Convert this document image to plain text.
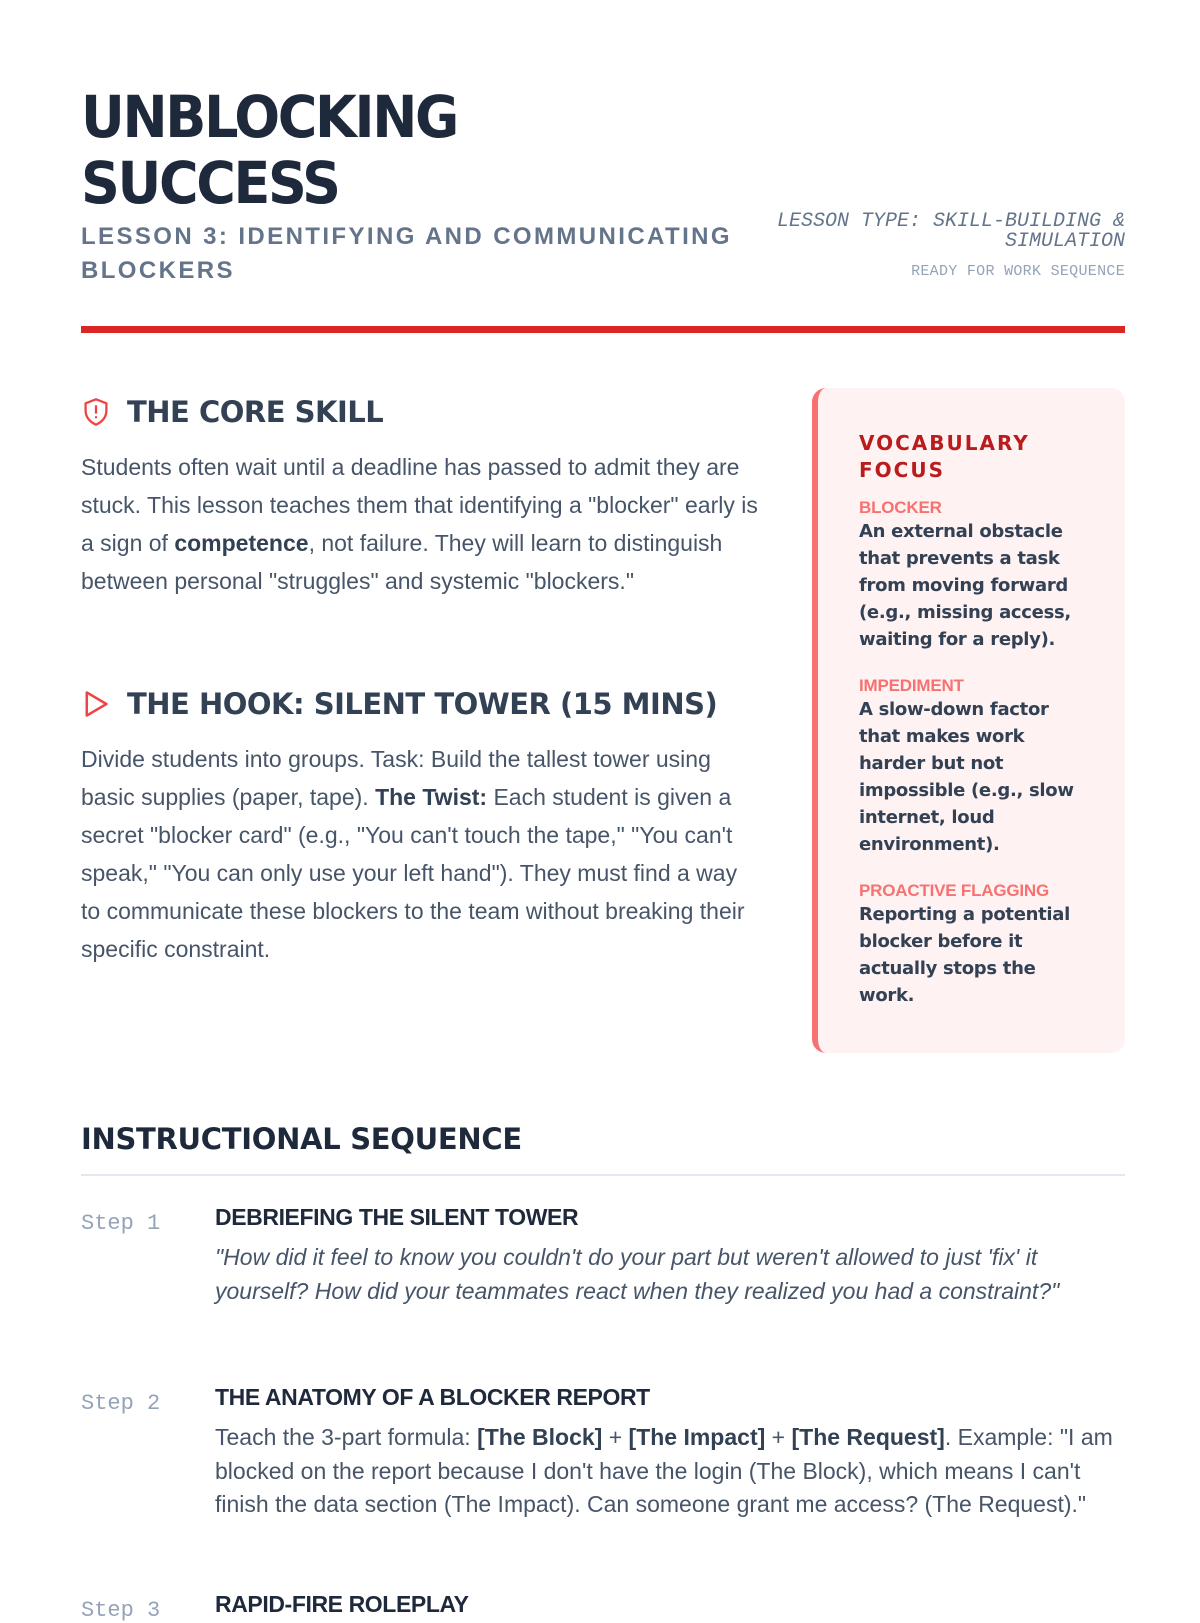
UNBLOCKING
SUCCESS
LESSON 3: IDENTIFYING AND COMMUNICATING BLOCKERS
LESSON TYPE: SKILL-BUILDING & SIMULATION
READY FOR WORK SEQUENCE
THE CORE SKILL

Students often wait until a deadline has passed to admit they are stuck. This lesson teaches them that identifying a "blocker" early is a sign of competence, not failure. They will learn to distinguish between personal "struggles" and systemic "blockers."

THE HOOK: SILENT TOWER (15 MINS)

Divide students into groups. Task: Build the tallest tower using basic supplies (paper, tape). The Twist: Each student is given a secret "blocker card" (e.g., "You can't touch the tape," "You can't speak," "You can only use your left hand"). They must find a way to communicate these blockers to the team without breaking their specific constraint.

VOCABULARY FOCUS
BLOCKER
An external obstacle that prevents a task from moving forward (e.g., missing access, waiting for a reply).
IMPEDIMENT
A slow-down factor that makes work harder but not impossible (e.g., slow internet, loud environment).
PROACTIVE FLAGGING
Reporting a potential blocker before it actually stops the work.
INSTRUCTIONAL SEQUENCE
Step 1 DEBRIEFING THE SILENT TOWER

"How did it feel to know you couldn't do your part but weren't allowed to just 'fix' it yourself? How did your teammates react when they realized you had a constraint?"

Step 2 THE ANATOMY OF A BLOCKER REPORT

Teach the 3-part formula: [The Block] + [The Impact] + [The Request]. Example: "I am blocked on the report because I don't have the login (The Block), which means I can't finish the data section (The Impact). Can someone grant me access? (The Request)."

Step 3 RAPID-FIRE ROLEPLAY
